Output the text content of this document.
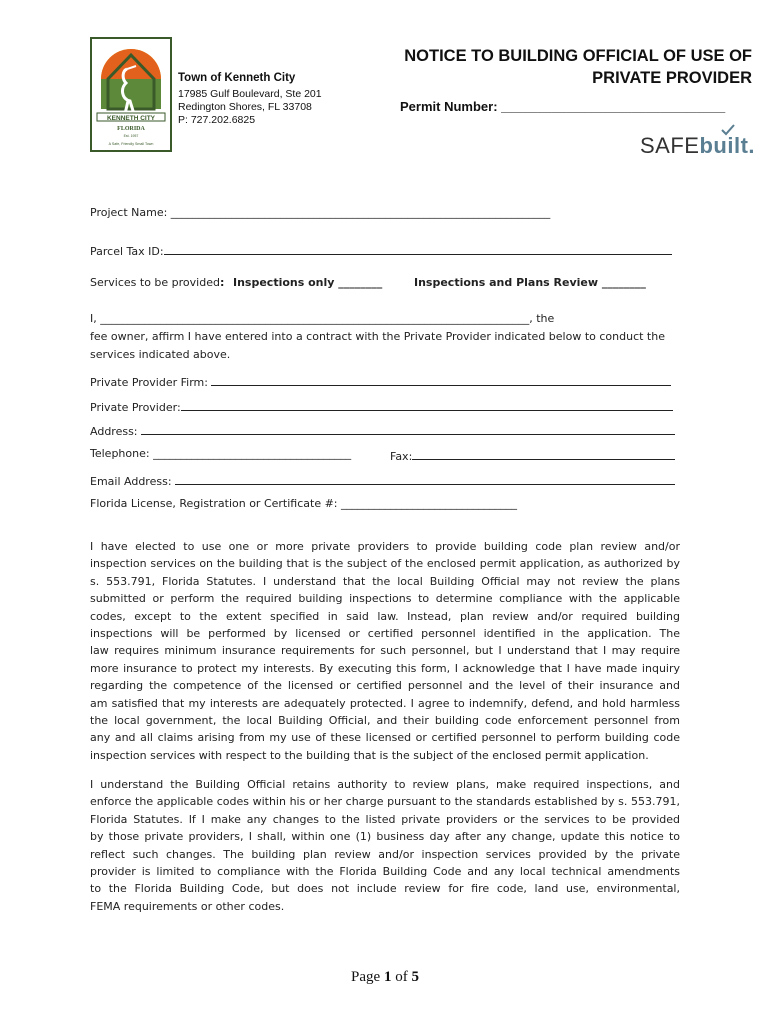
KENNETH CITY
FLORIDA
Est. 1957
A Safe, Friendly Small Town
Town of Kenneth City
17985 Gulf Boulevard, Ste 201
Redington Shores, FL 33708
P: 727.202.6825
NOTICE TO BUILDING OFFICIAL OF USE OF
PRIVATE PROVIDER
Permit Number: _______________________________
SAFEbuilt.
Project Name: _____________________________________________________________________
Parcel Tax ID:
Services to be provided: Inspections only ________	Inspections and Plans Review ________
I, ______________________________________________________________________________, the
fee owner, affirm I have entered into a contract with the Private Provider indicated below to conduct the
services indicated above.
Private Provider Firm:
Private Provider:
Address:
Telephone: ____________________________________	Fax:
Email Address:
Florida License, Registration or Certificate #: ________________________________
I have elected to use one or more private providers to provide building code plan review and/or
inspection services on the building that is the subject of the enclosed permit application, as authorized by
s. 553.791, Florida Statutes. I understand that the local Building Official may not review the plans
submitted or perform the required building inspections to determine compliance with the applicable
codes, except to the extent specified in said law. Instead, plan review and/or required building
inspections will be performed by licensed or certified personnel identified in the application. The
law requires minimum insurance requirements for such personnel, but I understand that I may require
more insurance to protect my interests. By executing this form, I acknowledge that I have made inquiry
regarding the competence of the licensed or certified personnel and the level of their insurance and
am satisfied that my interests are adequately protected. I agree to indemnify, defend, and hold harmless
the local government, the local Building Official, and their building code enforcement personnel from
any and all claims arising from my use of these licensed or certified personnel to perform building code
inspection services with respect to the building that is the subject of the enclosed permit application.
I understand the Building Official retains authority to review plans, make required inspections, and
enforce the applicable codes within his or her charge pursuant to the standards established by s. 553.791,
Florida Statutes. If I make any changes to the listed private providers or the services to be provided
by those private providers, I shall, within one (1) business day after any change, update this notice to
reflect such changes. The building plan review and/or inspection services provided by the private
provider is limited to compliance with the Florida Building Code and any local technical amendments
to the Florida Building Code, but does not include review for fire code, land use, environmental,
FEMA requirements or other codes.
Page 1 of 5
